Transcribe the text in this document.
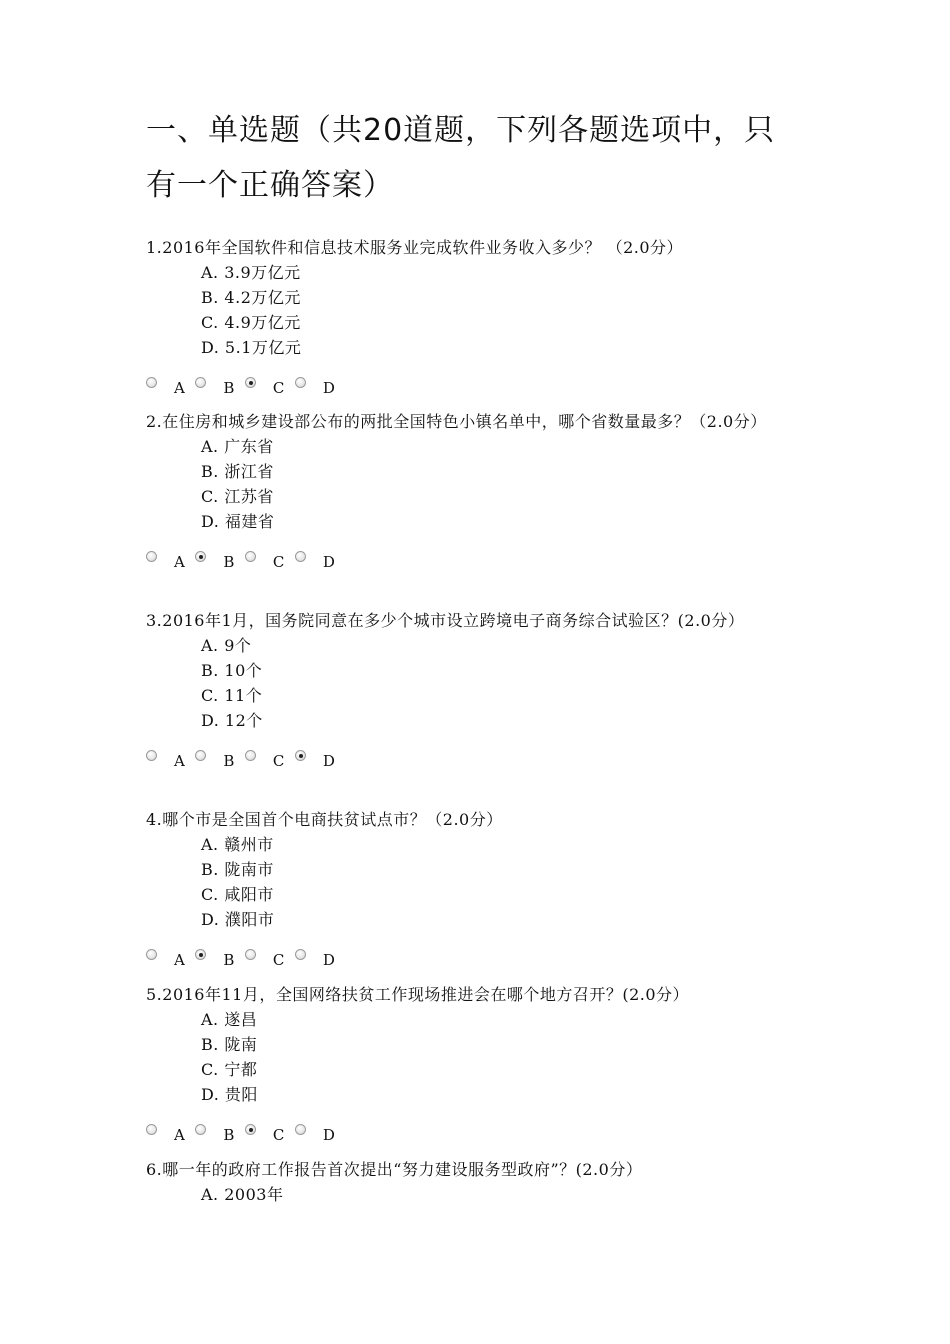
一、单选题（共20道题，下列各题选项中，只有一个正确答案）

1.2016年全国软件和信息技术服务业完成软件业务收入多少？ （2.0分）

A. 3.9万亿元

B. 4.2万亿元

C. 4.9万亿元

D. 5.1万亿元

A	B	C	D

2.在住房和城乡建设部公布的两批全国特色小镇名单中，哪个省数量最多？（2.0分）

A. 广东省

B. 浙江省

C. 江苏省

D. 福建省

A	B	C	D

3.2016年1月，国务院同意在多少个城市设立跨境电子商务综合试验区？(2.0分）

A. 9个

B. 10个

C. 11个

D. 12个

A	B	C	D

4.哪个市是全国首个电商扶贫试点市？（2.0分）

A. 赣州市

B. 陇南市

C. 咸阳市

D. 濮阳市

A	B	C	D

5.2016年11月，全国网络扶贫工作现场推进会在哪个地方召开？(2.0分）

A. 遂昌

B. 陇南

C. 宁都

D. 贵阳

A	B	C	D

6.哪一年的政府工作报告首次提出“努力建设服务型政府”？(2.0分）

A. 2003年
